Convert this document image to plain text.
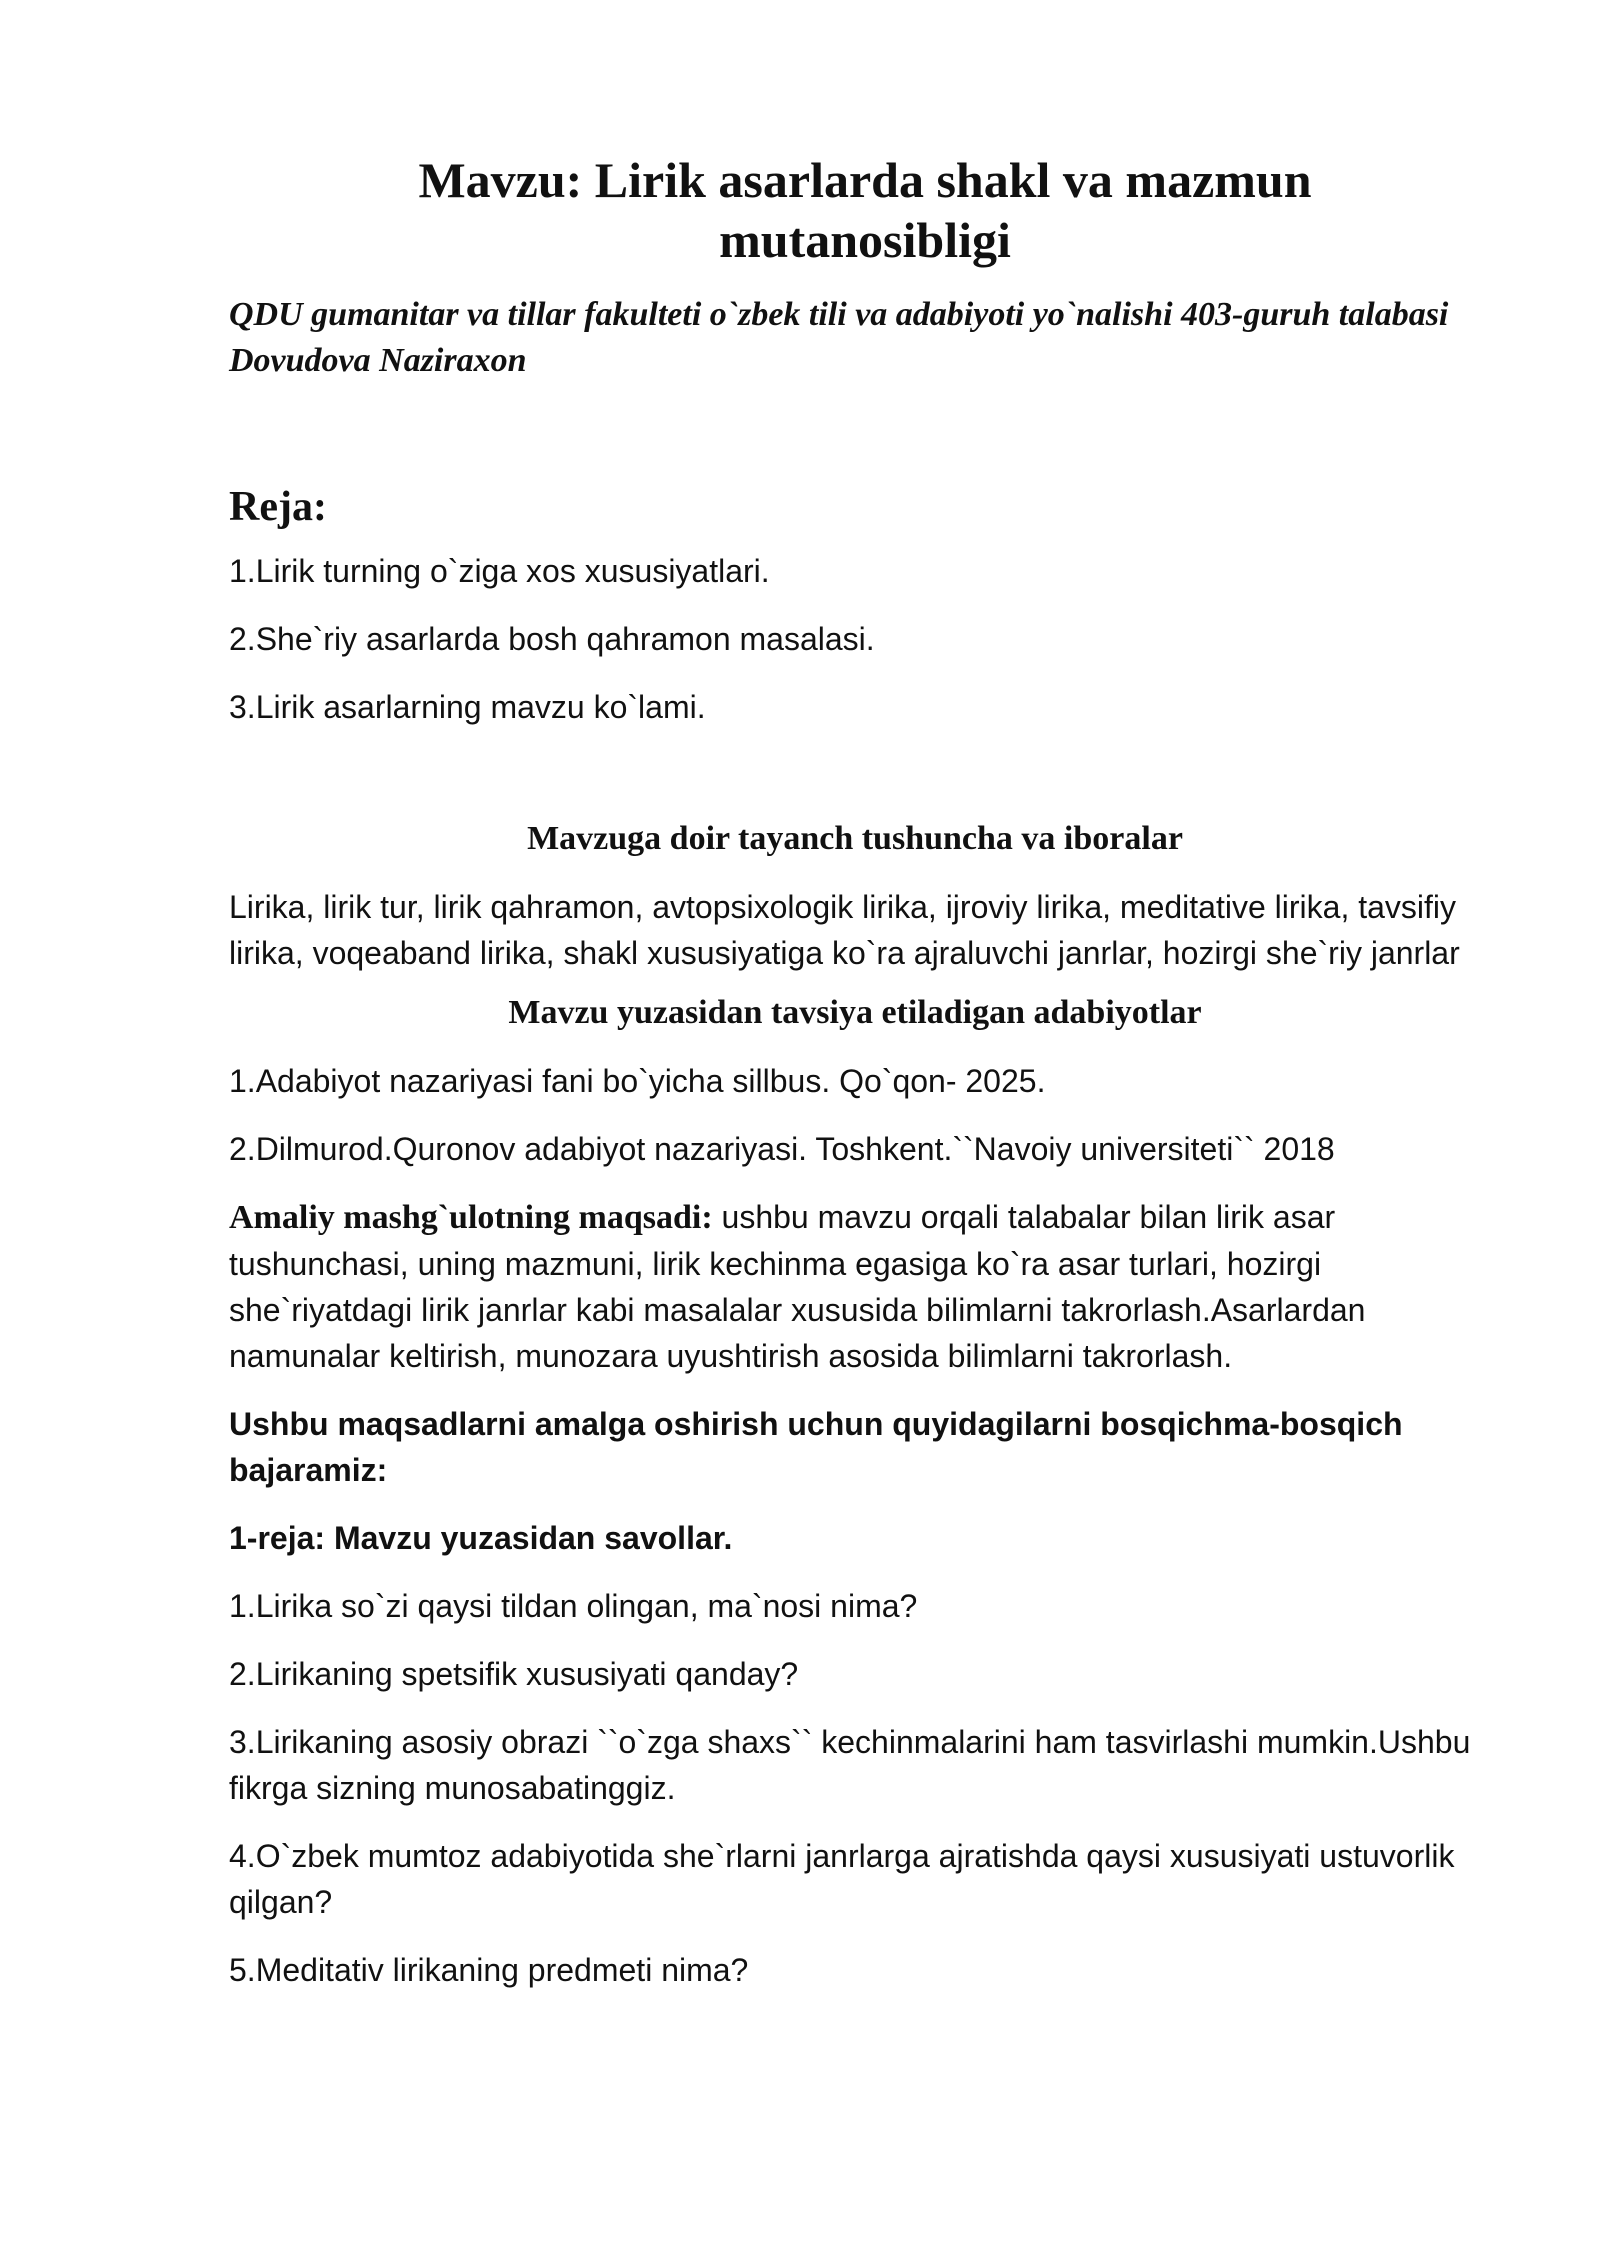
Mavzu: Lirik asarlarda shakl va mazmun
mutanosibligi

QDU gumanitar va tillar fakulteti o`zbek tili va adabiyoti yo`nalishi 403-guruh talabasi Dovudova Naziraxon

Reja:

1.Lirik turning o`ziga xos xususiyatlari.

2.She`riy asarlarda bosh qahramon masalasi.

3.Lirik asarlarning mavzu ko`lami.

Mavzuga doir tayanch tushuncha va iboralar

Lirika, lirik tur, lirik qahramon, avtopsixologik lirika, ijroviy lirika, meditative lirika, tavsifiy lirika, voqeaband lirika, shakl xususiyatiga ko`ra ajraluvchi janrlar, hozirgi she`riy janrlar

Mavzu yuzasidan tavsiya etiladigan adabiyotlar

1.Adabiyot nazariyasi fani bo`yicha sillbus. Qo`qon- 2025.

2.Dilmurod.Quronov adabiyot nazariyasi. Toshkent.``Navoiy universiteti`` 2018

Amaliy mashg`ulotning maqsadi: ushbu mavzu orqali talabalar bilan lirik asar tushunchasi, uning mazmuni, lirik kechinma egasiga ko`ra asar turlari, hozirgi she`riyatdagi lirik janrlar kabi masalalar xususida bilimlarni takrorlash.Asarlardan namunalar keltirish, munozara uyushtirish asosida bilimlarni takrorlash.

Ushbu maqsadlarni amalga oshirish uchun quyidagilarni bosqichma-bosqich bajaramiz:

1-reja: Mavzu yuzasidan savollar.

1.Lirika so`zi qaysi tildan olingan, ma`nosi nima?

2.Lirikaning spetsifik xususiyati qanday?

3.Lirikaning asosiy obrazi ``o`zga shaxs`` kechinmalarini ham tasvirlashi mumkin.Ushbu fikrga sizning munosabatinggiz.

4.O`zbek mumtoz adabiyotida she`rlarni janrlarga ajratishda qaysi xususiyati ustuvorlik qilgan?

5.Meditativ lirikaning predmeti nima?
